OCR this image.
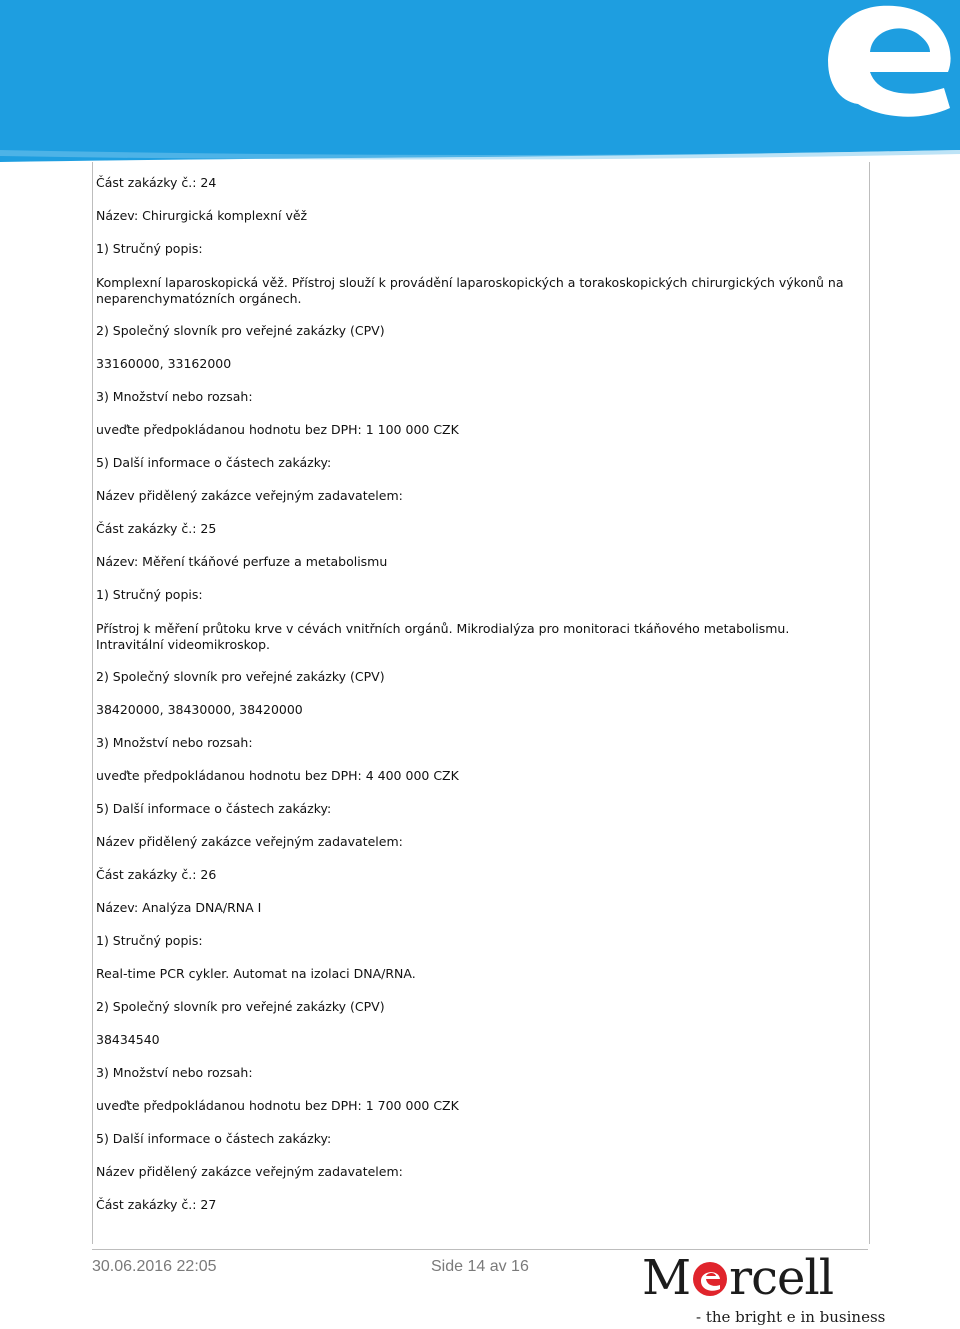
Část zakázky č.: 24
Název: Chirurgická komplexní věž
1) Stručný popis:
Komplexní laparoskopická věž. Přístroj slouží k provádění laparoskopických a torakoskopických chirurgických výkonů na neparenchymatózních orgánech.
2) Společný slovník pro veřejné zakázky (CPV)
33160000, 33162000
3) Množství nebo rozsah:
uveďte předpokládanou hodnotu bez DPH: 1 100 000 CZK
5) Další informace o částech zakázky:
Název přidělený zakázce veřejným zadavatelem:
Část zakázky č.: 25
Název: Měření tkáňové perfuze a metabolismu
1) Stručný popis:
Přístroj k měření průtoku krve v cévách vnitřních orgánů. Mikrodialýza pro monitoraci tkáňového metabolismu. Intravitální videomikroskop.
2) Společný slovník pro veřejné zakázky (CPV)
38420000, 38430000, 38420000
3) Množství nebo rozsah:
uveďte předpokládanou hodnotu bez DPH: 4 400 000 CZK
5) Další informace o částech zakázky:
Název přidělený zakázce veřejným zadavatelem:
Část zakázky č.: 26
Název: Analýza DNA/RNA I
1) Stručný popis:
Real-time PCR cykler. Automat na izolaci DNA/RNA.
2) Společný slovník pro veřejné zakázky (CPV)
38434540
3) Množství nebo rozsah:
uveďte předpokládanou hodnotu bez DPH: 1 700 000 CZK
5) Další informace o částech zakázky:
Název přidělený zakázce veřejným zadavatelem:
Část zakázky č.: 27
30.06.2016 22:05	Side 14 av 16 M rcell
- the bright e in business
